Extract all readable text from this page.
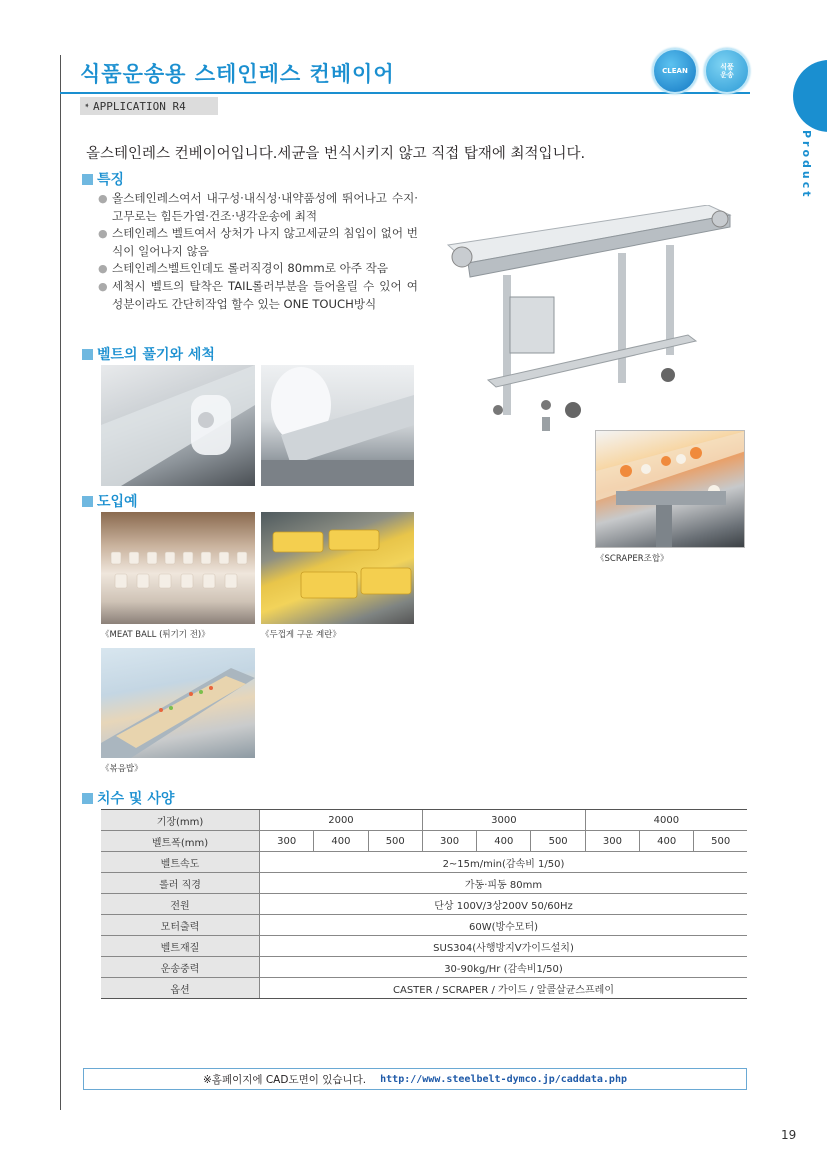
식품운송용 스테인레스 컨베이어	CLEAN	식품
운송
Product
➧ APPLICATION R4
올스테인레스 컨베이어입니다.세균을 번식시키지 않고 직접 탑재에 최적입니다.
특징
● 올스테인레스여서 내구성·내식성·내약품성에 뛰어나고 수지·고무로는 힘든가열·건조·냉각운송에 최적
● 스테인레스 벨트여서 상처가 나지 않고세균의 침입이 없어 번식이 일어나지 않음
● 스테인레스벨트인데도 롤러직경이 80mm로 아주 작음
● 세척시 벨트의 탈착은 TAIL롤러부분을 들어올릴 수 있어 여성분이라도 간단히작업 할수 있는 ONE TOUCH방식
벨트의 풀기와 세척
도입예
《MEAT BALL (튀기기 전)》	《두껍게 구운 계란》
《볶음밥》
《SCRAPER조합》
치수 및 사양
기장(mm)	2000			3000			4000		
벨트폭(mm)	300	400	500	300	400	500	300	400	500
벨트속도	2~15m/min(감속비 1/50)								
롤러 직경	가동·피동 80mm								
전원	단상 100V/3상200V 50/60Hz								
모터출력	60W(방수모터)								
벨트재질	SUS304(사행방지V가이드설치)								
운송중력	30-90kg/Hr (감속비1/50)								
옵션	CASTER / SCRAPER / 가이드 / 알콜살균스프레이								
※홈페이지에 CAD도면이 있습니다. http://www.steelbelt-dymco.jp/caddata.php
19
